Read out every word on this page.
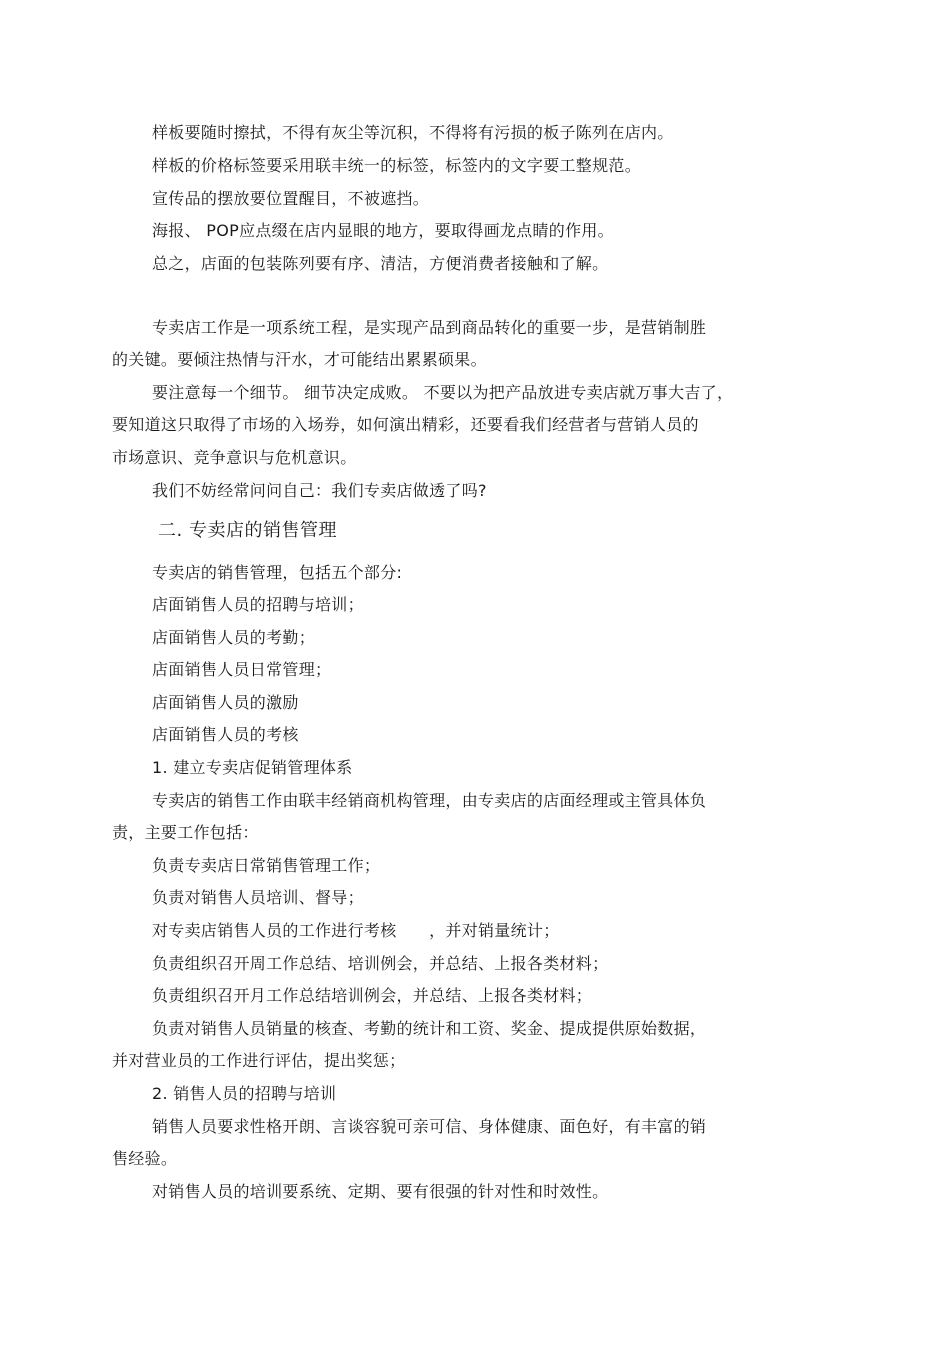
样板要随时擦拭，不得有灰尘等沉积，不得将有污损的板子陈列在店内。
样板的价格标签要采用联丰统一的标签，标签内的文字要工整规范。
宣传品的摆放要位置醒目，不被遮挡。
海报、 POP应点缀在店内显眼的地方，要取得画龙点睛的作用。
总之，店面的包装陈列要有序、清洁，方便消费者接触和了解。
专卖店工作是一项系统工程，是实现产品到商品转化的重要一步，是营销制胜
的关键。要倾注热情与汗水，才可能结出累累硕果。
要注意每一个细节。 细节决定成败。 不要以为把产品放进专卖店就万事大吉了，
要知道这只取得了市场的入场券，如何演出精彩，还要看我们经营者与营销人员的
市场意识、竞争意识与危机意识。
我们不妨经常问问自己：我们专卖店做透了吗?
二. 专卖店的销售管理
专卖店的销售管理，包括五个部分:
店面销售人员的招聘与培训；
店面销售人员的考勤；
店面销售人员日常管理；
店面销售人员的激励
店面销售人员的考核
1. 建立专卖店促销管理体系
专卖店的销售工作由联丰经销商机构管理，由专卖店的店面经理或主管具体负
责，主要工作包括：
负责专卖店日常销售管理工作；
负责对销售人员培训、督导；
对专卖店销售人员的工作进行考核　　，并对销量统计；
负责组织召开周工作总结、培训例会，并总结、上报各类材料；
负责组织召开月工作总结培训例会，并总结、上报各类材料；
负责对销售人员销量的核查、考勤的统计和工资、奖金、提成提供原始数据，
并对营业员的工作进行评估，提出奖惩；
2. 销售人员的招聘与培训
销售人员要求性格开朗、言谈容貌可亲可信、身体健康、面色好，有丰富的销
售经验。
对销售人员的培训要系统、定期、要有很强的针对性和时效性。
